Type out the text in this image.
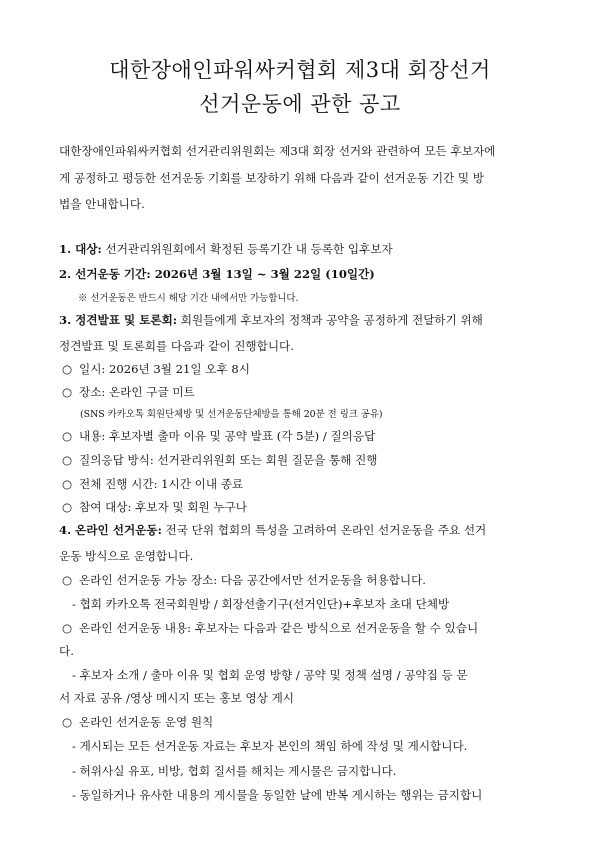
대한장애인파워싸커협회 제3대 회장선거
선거운동에 관한 공고
대한장애인파워싸커협회 선거관리위원회는 제3대 회장 선거와 관련하여 모든 후보자에
게 공정하고 평등한 선거운동 기회를 보장하기 위해 다음과 같이 선거운동 기간 및 방
법을 안내합니다.
1. 대상: 선거관리위원회에서 확정된 등록기간 내 등록한 입후보자
2. 선거운동 기간: 2026년 3월 13일 ~ 3월 22일 (10일간)
※ 선거운동은 반드시 해당 기간 내에서만 가능합니다.
3. 정견발표 및 토론회: 회원들에게 후보자의 정책과 공약을 공정하게 전달하기 위해
정견발표 및 토론회를 다음과 같이 진행합니다.
○ 일시: 2026년 3월 21일 오후 8시
○ 장소: 온라인 구글 미트
(SNS 카카오톡 회원단체방 및 선거운동단체방을 통해 20분 전 링크 공유)
○ 내용: 후보자별 출마 이유 및 공약 발표 (각 5분) / 질의응답
○ 질의응답 방식: 선거관리위원회 또는 회원 질문을 통해 진행
○ 전체 진행 시간: 1시간 이내 종료
○ 참여 대상: 후보자 및 회원 누구나
4. 온라인 선거운동: 전국 단위 협회의 특성을 고려하여 온라인 선거운동을 주요 선거
운동 방식으로 운영합니다.
○ 온라인 선거운동 가능 장소: 다음 공간에서만 선거운동을 허용합니다.
- 협회 카카오톡 전국회원방 / 회장선출기구(선거인단)+후보자 초대 단체방
○ 온라인 선거운동 내용: 후보자는 다음과 같은 방식으로 선거운동을 할 수 있습니
다.
- 후보자 소개 / 출마 이유 및 협회 운영 방향 / 공약 및 정책 설명 / 공약집 등 문
서 자료 공유 /영상 메시지 또는 홍보 영상 게시
○ 온라인 선거운동 운영 원칙
- 게시되는 모든 선거운동 자료는 후보자 본인의 책임 하에 작성 및 게시합니다.
- 허위사실 유포, 비방, 협회 질서를 해치는 게시물은 금지합니다.
- 동일하거나 유사한 내용의 게시물을 동일한 날에 반복 게시하는 행위는 금지합니
